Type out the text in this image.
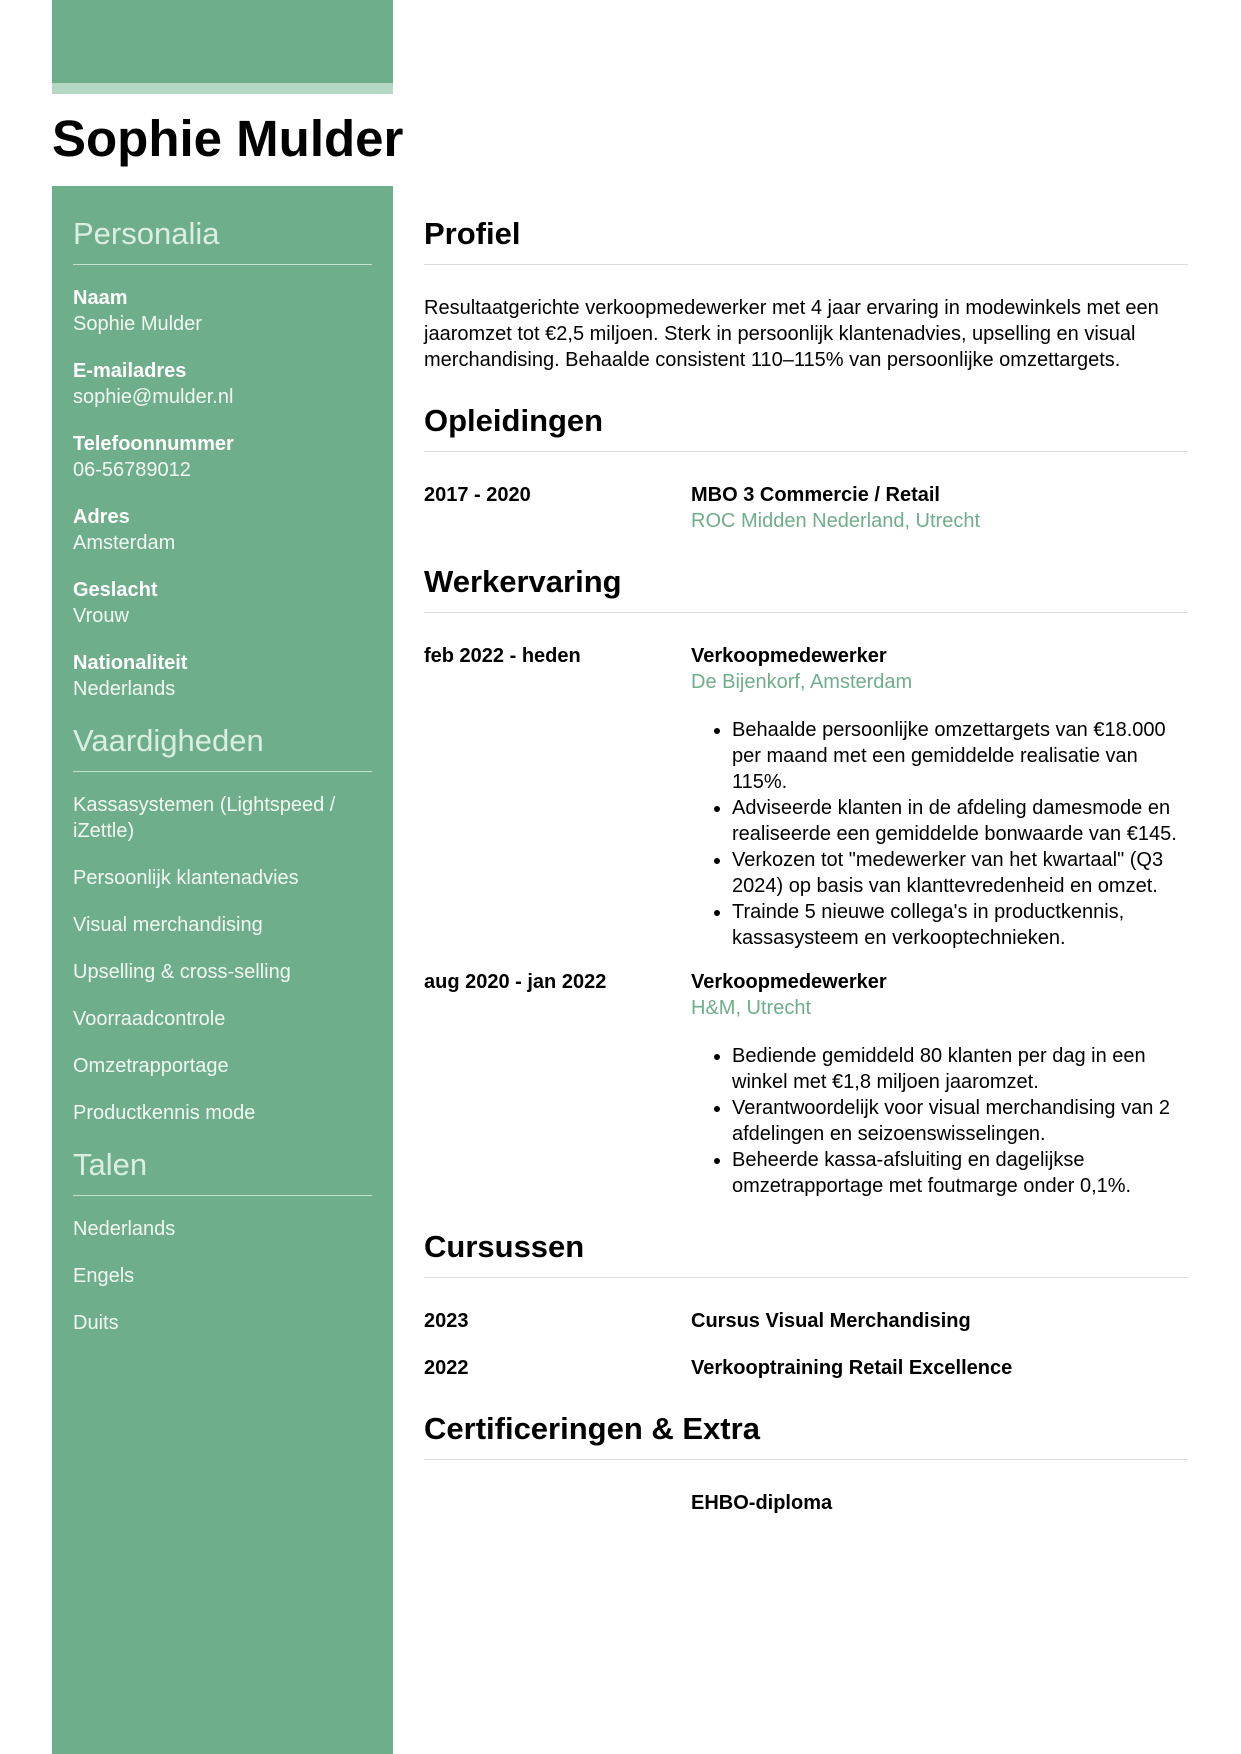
Sophie Mulder
Personalia
Naam
Sophie Mulder
E-mailadres
sophie@mulder.nl
Telefoonnummer
06-56789012
Adres
Amsterdam
Geslacht
Vrouw
Nationaliteit
Nederlands
Vaardigheden
Kassasystemen (Lightspeed / iZettle)
Persoonlijk klantenadvies
Visual merchandising
Upselling & cross-selling
Voorraadcontrole
Omzetrapportage
Productkennis mode
Talen
Nederlands
Engels
Duits
Profiel

Resultaatgerichte verkoopmedewerker met 4 jaar ervaring in modewinkels met een jaaromzet tot €2,5 miljoen. Sterk in persoonlijk klantenadvies, upselling en visual merchandising. Behaalde consistent 110–115% van persoonlijke omzettargets.

Opleidingen
2017 - 2020	MBO 3 Commercie / Retail
ROC Midden Nederland, Utrecht
Werkervaring
feb 2022 - heden	Verkoopmedewerker
De Bijenkorf, Amsterdam
• Behaalde persoonlijke omzettargets van €18.000 per maand met een gemiddelde realisatie van 115%.
• Adviseerde klanten in de afdeling damesmode en realiseerde een gemiddelde bonwaarde van €145.
• Verkozen tot "medewerker van het kwartaal" (Q3 2024) op basis van klanttevredenheid en omzet.
• Trainde 5 nieuwe collega's in productkennis, kassasysteem en verkooptechnieken.
aug 2020 - jan 2022	Verkoopmedewerker
H&M, Utrecht
• Bediende gemiddeld 80 klanten per dag in een winkel met €1,8 miljoen jaaromzet.
• Verantwoordelijk voor visual merchandising van 2 afdelingen en seizoenswisselingen.
• Beheerde kassa-afsluiting en dagelijkse omzetrapportage met foutmarge onder 0,1%.
Cursussen
2023	Cursus Visual Merchandising
2022	Verkooptraining Retail Excellence
Certificeringen & Extra
EHBO-diploma
